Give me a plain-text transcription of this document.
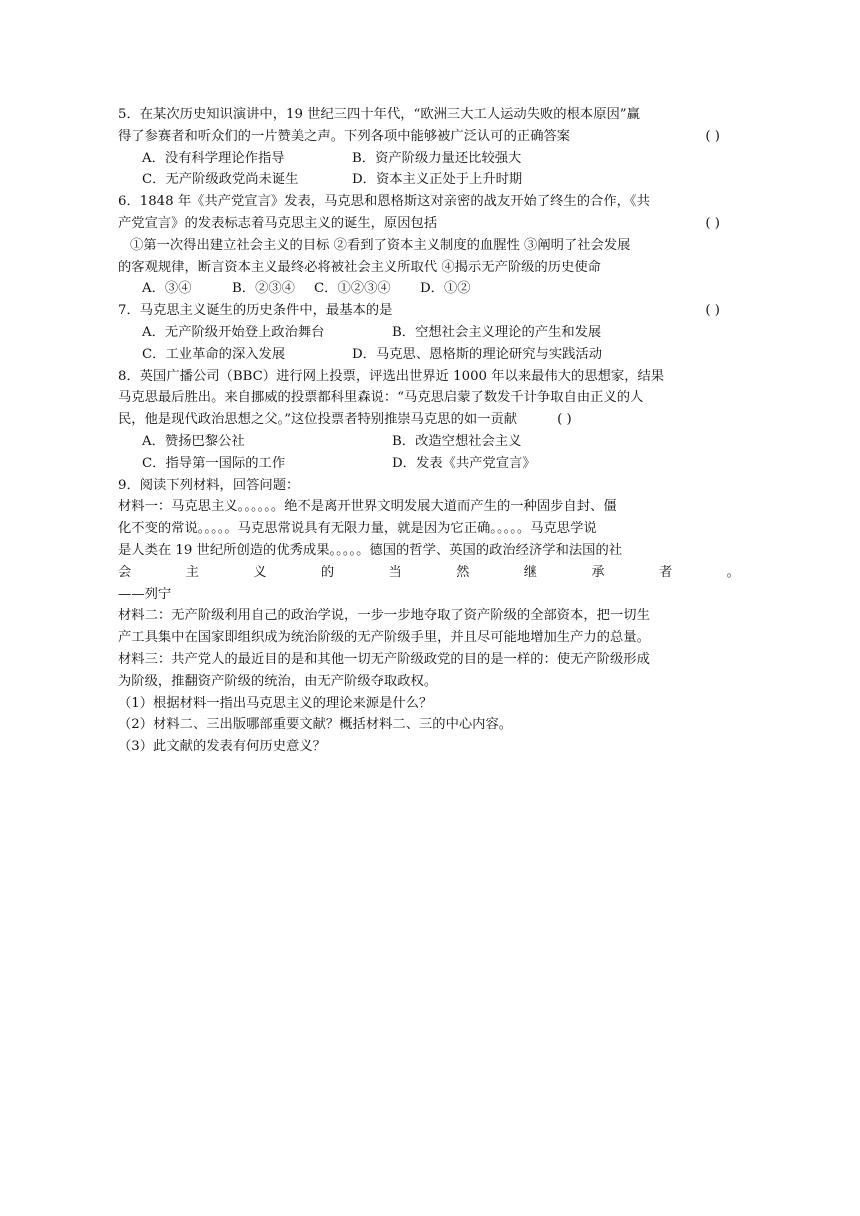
5．在某次历史知识演讲中，19 世纪三四十年代，“欧洲三大工人运动失败的根本原因”赢
得了参赛者和听众们的一片赞美之声。下列各项中能够被广泛认可的正确答案	( )
A．没有科学理论作指导	B．资产阶级力量还比较强大
C．无产阶级政党尚未诞生	D．资本主义正处于上升时期
6．1848 年《共产党宣言》发表，马克思和恩格斯这对亲密的战友开始了终生的合作，《共
产党宣言》的发表标志着马克思主义的诞生，原因包括	( )
①第一次得出建立社会主义的目标 ②看到了资本主义制度的血腥性 ③阐明了社会发展
的客观规律，断言资本主义最终必将被社会主义所取代 ④揭示无产阶级的历史使命
A．③④	B．②③④	C．①②③④	D．①②
7．马克思主义诞生的历史条件中，最基本的是	( )
A．无产阶级开始登上政治舞台	B．空想社会主义理论的产生和发展
C．工业革命的深入发展	D．马克思、恩格斯的理论研究与实践活动
8．英国广播公司（BBC）进行网上投票，评选出世界近 1000 年以来最伟大的思想家，结果
马克思最后胜出。来自挪威的投票都科里森说：“马克思启蒙了数发千计争取自由正义的人
民，他是现代政治思想之父。”这位投票者特别推崇马克思的如一贡献	( )
A．赞扬巴黎公社	B．改造空想社会主义
C．指导第一国际的工作	D．发表《共产党宣言》
9．阅读下列材料，回答问题：
材料一：马克思主义。。。。。。绝不是离开世界文明发展大道而产生的一种固步自封、僵
化不变的常说。。。。。马克思常说具有无限力量，就是因为它正确。。。。。马克思学说
是人类在 19 世纪所创造的优秀成果。。。。。德国的哲学、英国的政治经济学和法国的社
会	主	义	的	当	然	继	承	者	。
——列宁
材料二：无产阶级利用自己的政治学说，一步一步地夺取了资产阶级的全部资本，把一切生
产工具集中在国家即组织成为统治阶级的无产阶级手里，并且尽可能地增加生产力的总量。
材料三：共产党人的最近目的是和其他一切无产阶级政党的目的是一样的：使无产阶级形成
为阶级，推翻资产阶级的统治，由无产阶级夺取政权。
（1）根据材料一指出马克思主义的理论来源是什么？
（2）材料二、三出版哪部重要文献？概括材料二、三的中心内容。
（3）此文献的发表有何历史意义？
